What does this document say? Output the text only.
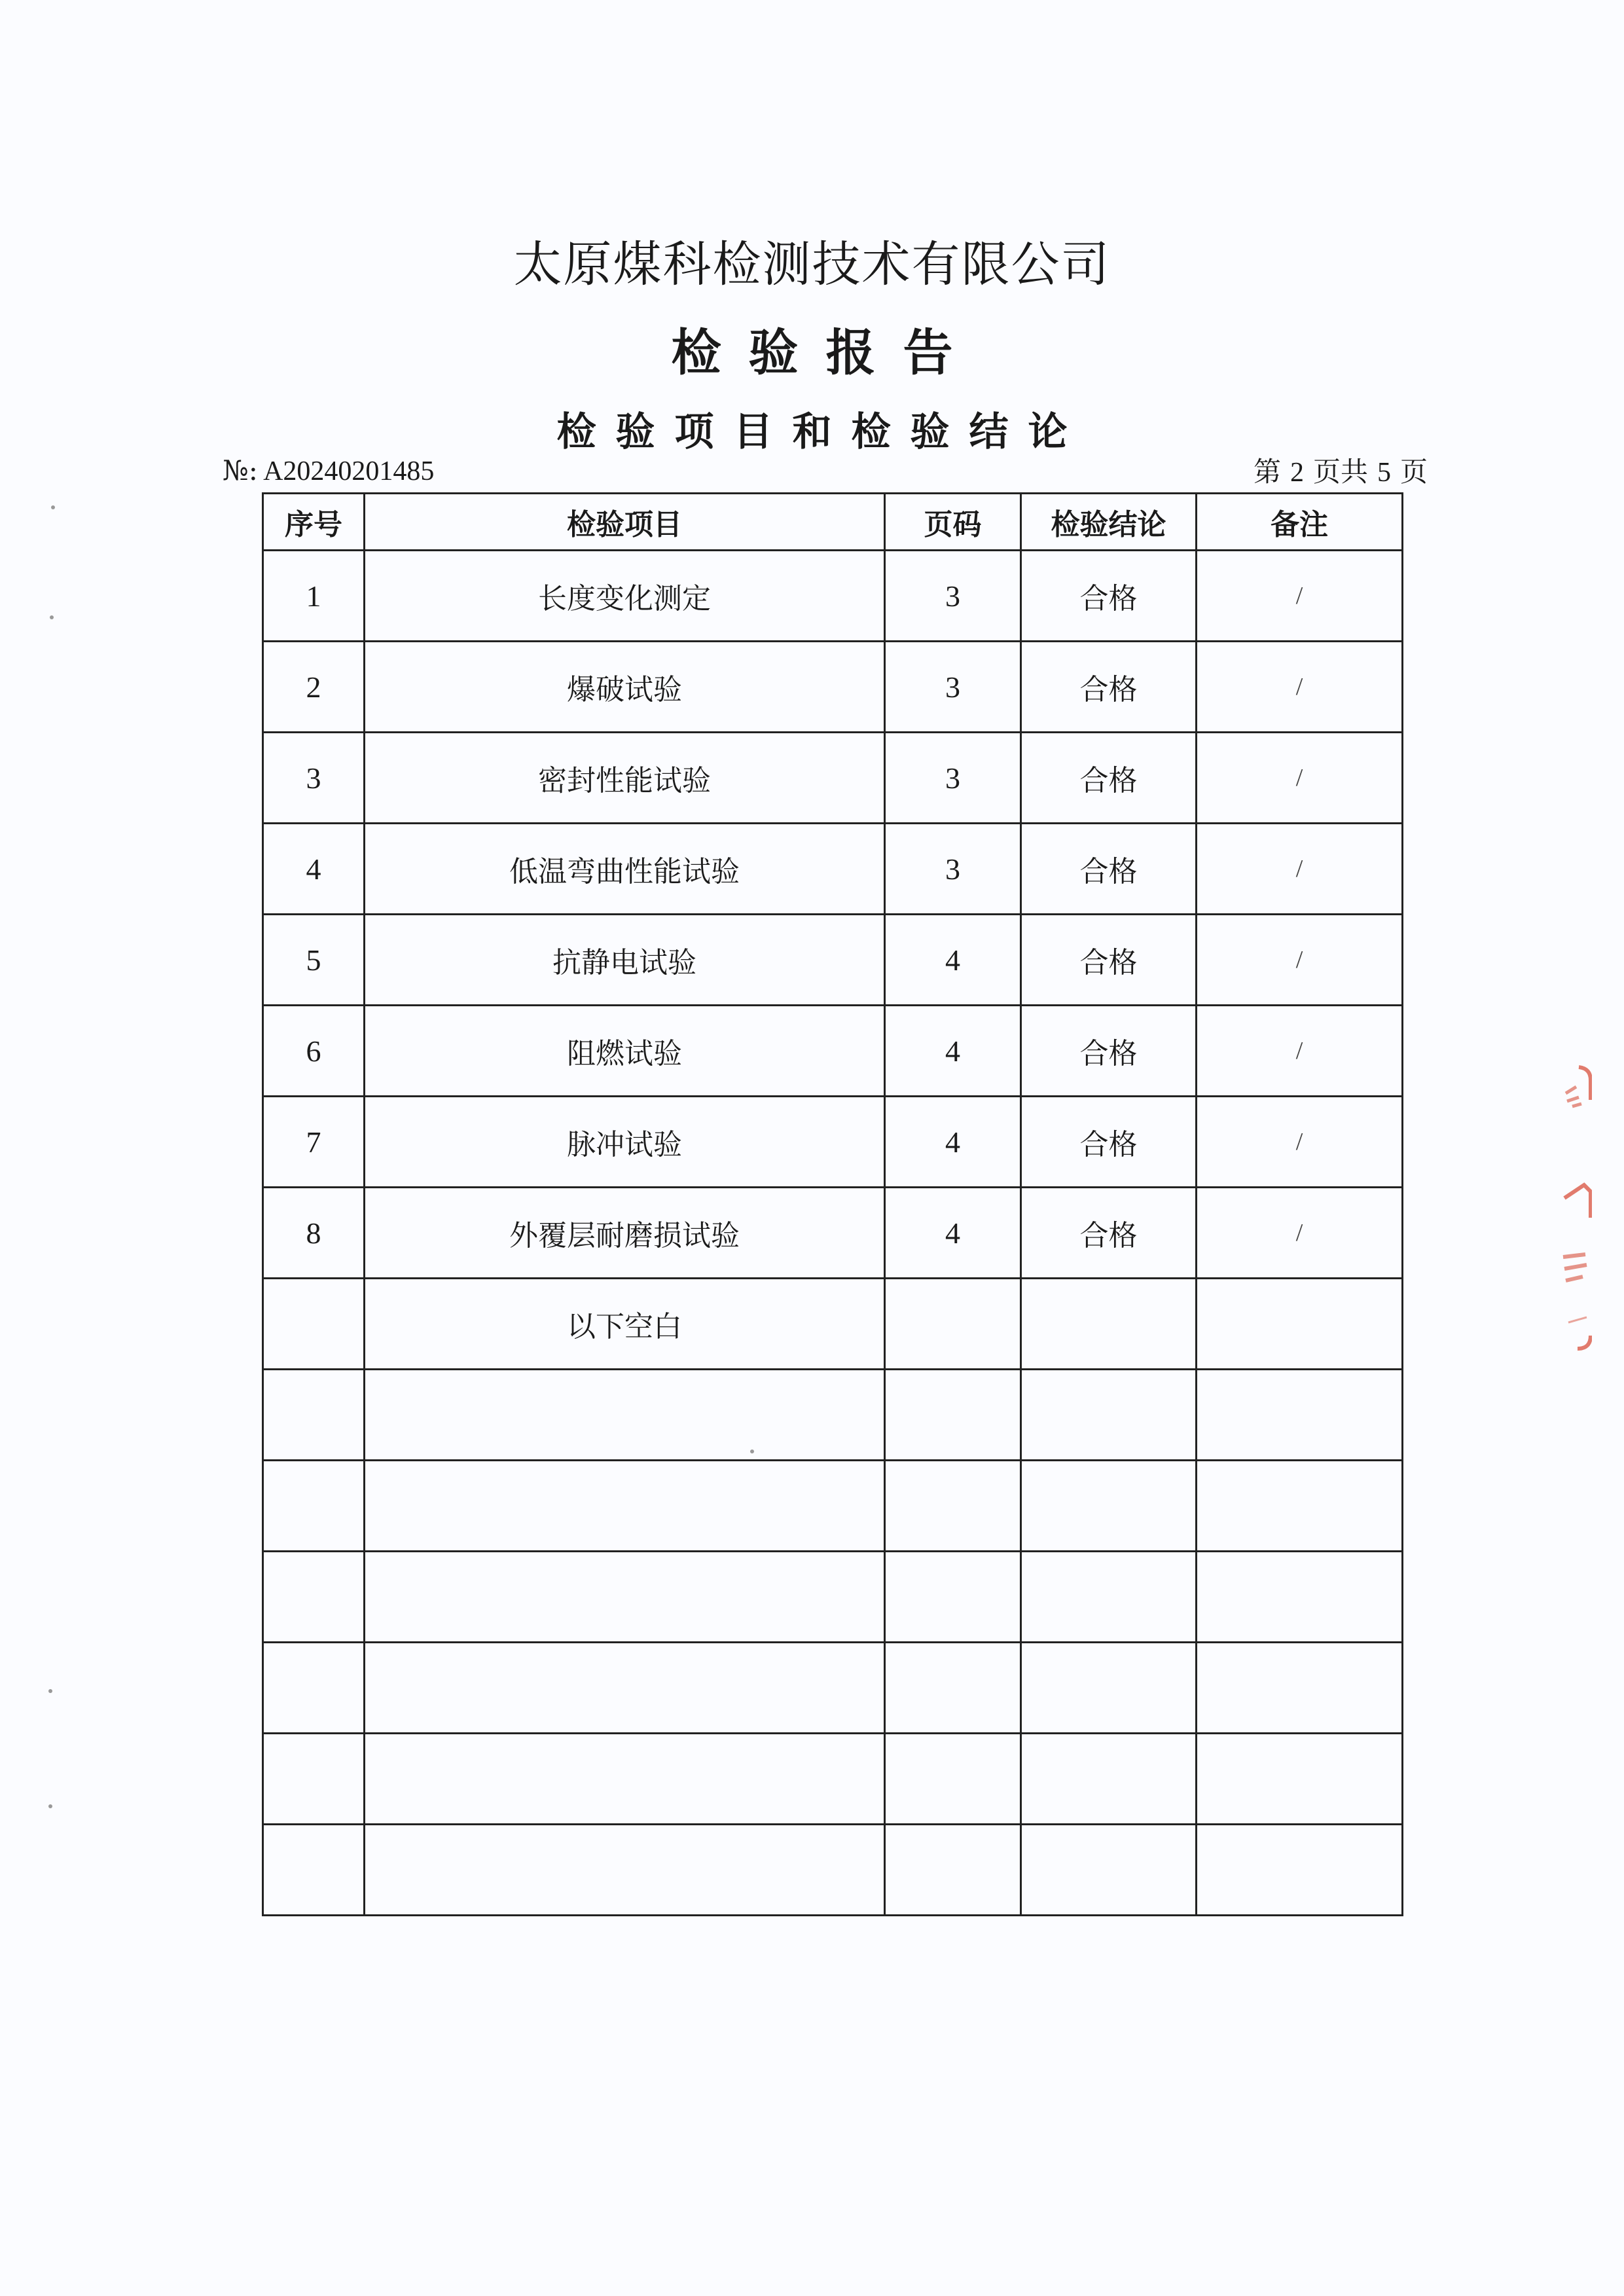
太原煤科检测技术有限公司
检验报告
检验项目和检验结论
№: A20240201485	第 2 页共 5 页
序号	检验项目	页码	检验结论	备注
1	长度变化测定	3	合格	/
2	爆破试验	3	合格	/
3	密封性能试验	3	合格	/
4	低温弯曲性能试验	3	合格	/
5	抗静电试验	4	合格	/
6	阻燃试验	4	合格	/
7	脉冲试验	4	合格	/
8	外覆层耐磨损试验	4	合格	/
	以下空白			
